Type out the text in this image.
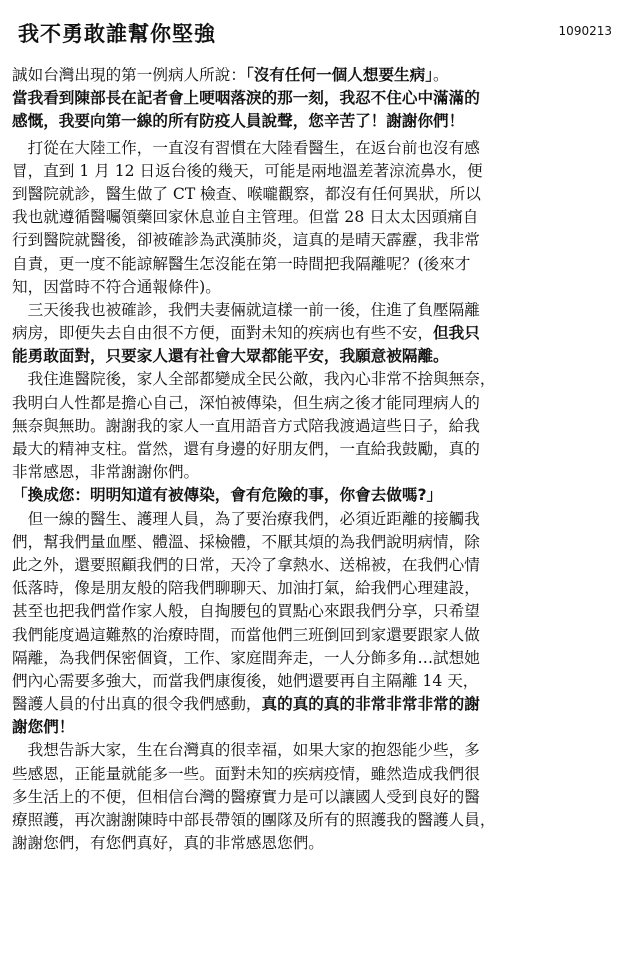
我不勇敢誰幫你堅強	1090213
誠如台灣出現的第一例病人所說：「沒有任何一個人想要生病」。
當我看到陳部長在記者會上哽咽落淚的那一刻，我忍不住心中滿滿的
感慨，我要向第一線的所有防疫人員說聲，您辛苦了！謝謝你們！
　打從在大陸工作，一直沒有習慣在大陸看醫生，在返台前也沒有感
冒，直到 1 月 12 日返台後的幾天，可能是兩地溫差著涼流鼻水，便
到醫院就診，醫生做了 CT 檢查、喉嚨觀察，都沒有任何異狀，所以
我也就遵循醫囑領藥回家休息並自主管理。但當 28 日太太因頭痛自
行到醫院就醫後，卻被確診為武漢肺炎，這真的是晴天霹靂，我非常
自責，更一度不能諒解醫生怎沒能在第一時間把我隔離呢？(後來才
知，因當時不符合通報條件)。
　三天後我也被確診，我們夫妻倆就這樣一前一後，住進了負壓隔離
病房，即便失去自由很不方便，面對未知的疾病也有些不安，但我只
能勇敢面對，只要家人還有社會大眾都能平安，我願意被隔離。
　我住進醫院後，家人全部都變成全民公敵，我內心非常不捨與無奈，
我明白人性都是擔心自己，深怕被傳染，但生病之後才能同理病人的
無奈與無助。謝謝我的家人一直用語音方式陪我渡過這些日子，給我
最大的精神支柱。當然，還有身邊的好朋友們，一直給我鼓勵，真的
非常感恩，非常謝謝你們。
「換成您：明明知道有被傳染，會有危險的事，你會去做嗎?」
　但一線的醫生、護理人員，為了要治療我們，必須近距離的接觸我
們，幫我們量血壓、體溫、採檢體，不厭其煩的為我們說明病情，除
此之外，還要照顧我們的日常，天冷了拿熱水、送棉被，在我們心情
低落時，像是朋友般的陪我們聊聊天、加油打氣，給我們心理建設，
甚至也把我們當作家人般，自掏腰包的買點心來跟我們分享，只希望
我們能度過這難熬的治療時間，而當他們三班倒回到家還要跟家人做
隔離，為我們保密個資，工作、家庭間奔走，一人分飾多角…試想她
們內心需要多強大，而當我們康復後，她們還要再自主隔離 14 天，
醫護人員的付出真的很令我們感動，真的真的真的非常非常非常的謝
謝您們！
　我想告訴大家，生在台灣真的很幸福，如果大家的抱怨能少些，多
些感恩，正能量就能多一些。面對未知的疾病疫情，雖然造成我們很
多生活上的不便，但相信台灣的醫療實力是可以讓國人受到良好的醫
療照護，再次謝謝陳時中部長帶領的團隊及所有的照護我的醫護人員，
謝謝您們，有您們真好，真的非常感恩您們。
